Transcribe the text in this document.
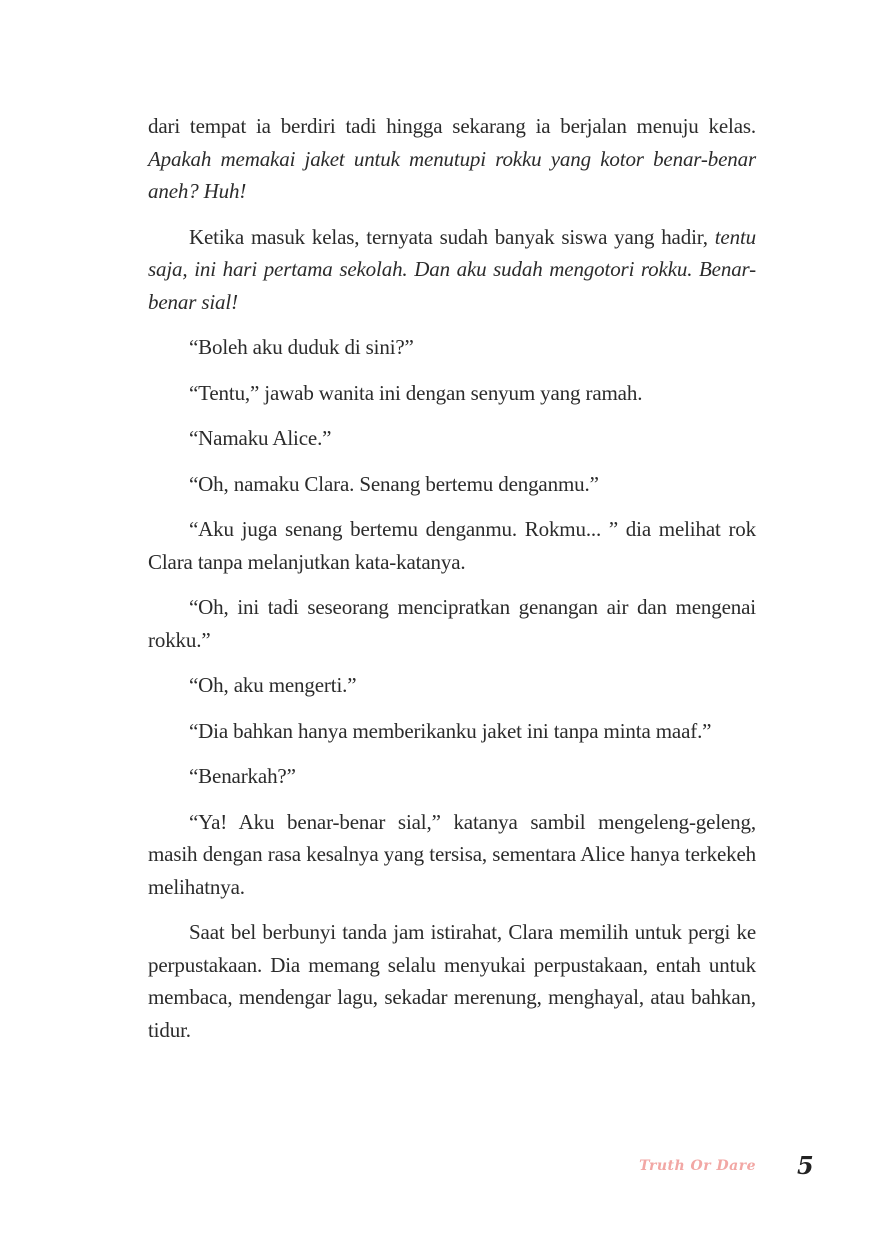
dari tempat ia berdiri tadi hingga sekarang ia berjalan menuju kelas. Apakah memakai jaket untuk menutupi rokku yang kotor benar-benar aneh? Huh!

Ketika masuk kelas, ternyata sudah banyak siswa yang hadir, tentu saja, ini hari pertama sekolah. Dan aku sudah mengotori rokku. Benar-benar sial!

“Boleh aku duduk di sini?”

“Tentu,” jawab wanita ini dengan senyum yang ramah.

“Namaku Alice.”

“Oh, namaku Clara. Senang bertemu denganmu.”

“Aku juga senang bertemu denganmu. Rokmu... ” dia melihat rok Clara tanpa melanjutkan kata-katanya.

“Oh, ini tadi seseorang mencipratkan genangan air dan mengenai rokku.”

“Oh, aku mengerti.”

“Dia bahkan hanya memberikanku jaket ini tanpa minta maaf.”

“Benarkah?”

“Ya! Aku benar-benar sial,” katanya sambil mengeleng-geleng, masih dengan rasa kesalnya yang tersisa, sementara Alice hanya terkekeh melihatnya.

Saat bel berbunyi tanda jam istirahat, Clara memilih untuk pergi ke perpustakaan. Dia memang selalu menyukai perpustakaan, entah untuk membaca, mendengar lagu, sekadar merenung, menghayal, atau bahkan, tidur.

Truth Or Dare 5
